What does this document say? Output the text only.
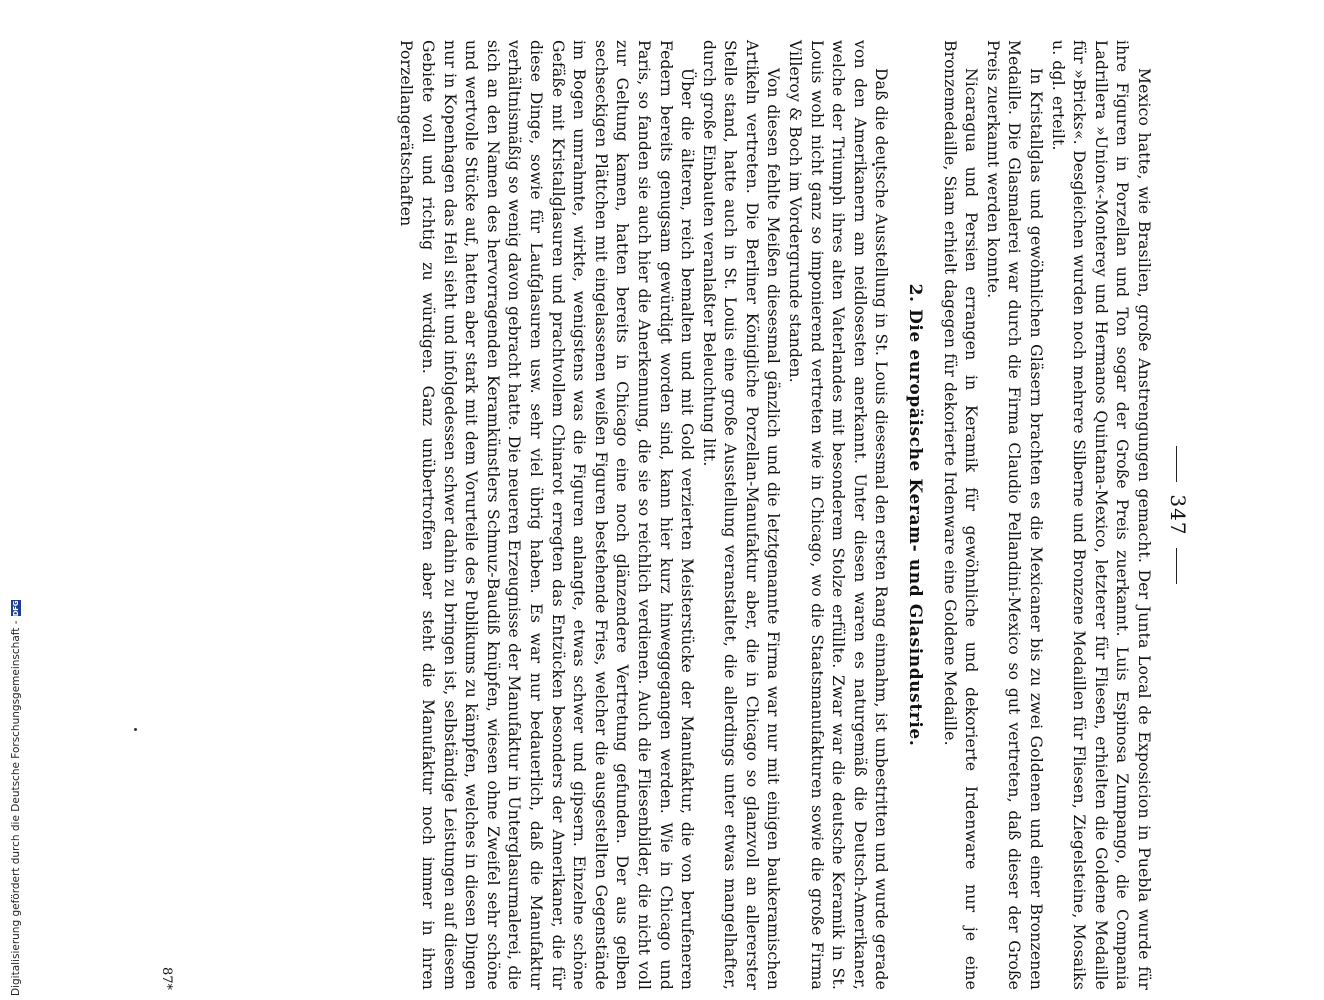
Digitalisierung gefördert durch die Deutsche Forschungsgemeinschaft -
DFG
347

Mexico hatte, wie Brasilien, große Anstrengungen gemacht. Der Junta Local de Exposicion in Puebla wurde für ihre Figuren in Porzellan und Ton sogar der Große Preis zuerkannt. Luis Espinosa Zumpango, die Compania Ladrillera »Union«-Monterey und Hermanos Quintana-Mexico, letzterer für Fliesen, erhielten die Goldene Medaille für »Bricks«. Desgleichen wurden noch mehrere Silberne und Bronzene Medaillen für Fliesen, Ziegelsteine, Mosaiks u. dgl. erteilt.

In Kristallglas und gewöhnlichen Gläsern brachten es die Mexicaner bis zu zwei Goldenen und einer Bronzenen Medaille. Die Glasmalerei war durch die Firma Claudio Pellandini-Mexico so gut vertreten, daß dieser der Große Preis zuerkannt werden konnte.

Nicaragua und Persien errangen in Keramik für gewöhnliche und dekorierte Irdenware nur je eine Bronzemedaille, Siam erhielt dagegen für dekorierte Irdenware eine Goldene Medaille.

2. Die europäische Keram- und Glasindustrie.

Daß die deutsche Ausstellung in St. Louis diesesmal den ersten Rang einnahm, ist unbestritten und wurde gerade von den Amerikanern am neidlosesten anerkannt. Unter diesen waren es naturgemäß die Deutsch-Amerikaner, welche der Triumph ihres alten Vaterlandes mit besonderem Stolze erfüllte. Zwar war die deutsche Keramik in St. Louis wohl nicht ganz so imponierend vertreten wie in Chicago, wo die Staatsmanufakturen sowie die große Firma Villeroy & Boch im Vordergrunde standen.

Von diesen fehlte Meißen diesesmal gänzlich und die letztgenannte Firma war nur mit einigen baukeramischen Artikeln vertreten. Die Berliner Königliche Porzellan-Manufaktur aber, die in Chicago so glanzvoll an allererster Stelle stand, hatte auch in St. Louis eine große Ausstellung veranstaltet, die allerdings unter etwas mangelhafter, durch große Einbauten veranlaßter Beleuchtung litt.

Über die älteren, reich bemalten und mit Gold verzierten Meisterstücke der Manufaktur, die von berufeneren Federn bereits genugsam gewürdigt worden sind, kann hier kurz hinweggegangen werden. Wie in Chicago und Paris, so fanden sie auch hier die Anerkennung, die sie so reichlich verdienen. Auch die Fliesenbilder, die nicht voll zur Geltung kamen, hatten bereits in Chicago eine noch glänzendere Vertretung gefunden. Der aus gelben sechseckigen Plättchen mit eingelassenen weißen Figuren bestehende Fries, welcher die ausgestellten Gegenstände im Bogen umrahmte, wirkte, wenigstens was die Figuren anlangte, etwas schwer und gipsern. Einzelne schöne Gefäße mit Kristallglasuren und prachtvollem Chinarot erregten das Entzücken besonders der Amerikaner, die für diese Dinge, sowie für Laufglasuren usw. sehr viel übrig haben. Es war nur bedauerlich, daß die Manufaktur verhältnismäßig so wenig davon gebracht hatte. Die neueren Erzeugnisse der Manufaktur in Unterglasurmalerei, die sich an den Namen des hervorragenden Keramkünstlers Schmuz-Baudiß knüpfen, wiesen ohne Zweifel sehr schöne und wertvolle Stücke auf, hatten aber stark mit dem Vorurteile des Publikums zu kämpfen, welches in diesen Dingen nur in Kopenhagen das Heil sieht und infolgedessen schwer dahin zu bringen ist, selbständige Leistungen auf diesem Gebiete voll und richtig zu würdigen. Ganz unübertroffen aber steht die Manufaktur noch immer in ihren Porzellangerätschaften

87*
